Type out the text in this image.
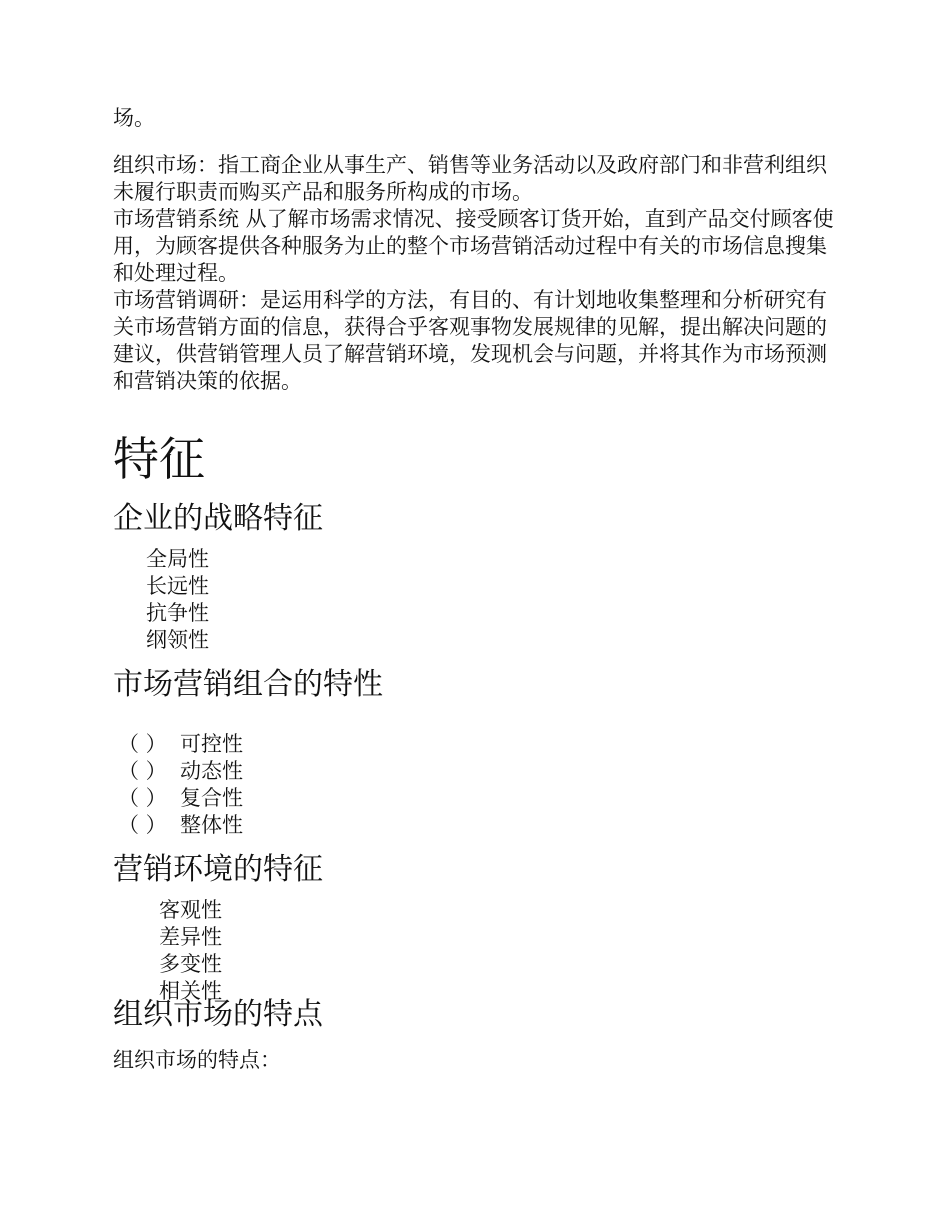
场。

组织市场：指工商企业从事生产、销售等业务活动以及政府部门和非营利组织未履行职责而购买产品和服务所构成的市场。

市场营销系统 从了解市场需求情况、接受顾客订货开始，直到产品交付顾客使用，为顾客提供各种服务为止的整个市场营销活动过程中有关的市场信息搜集和处理过程。

市场营销调研：是运用科学的方法，有目的、有计划地收集整理和分析研究有关市场营销方面的信息，获得合乎客观事物发展规律的见解，提出解决问题的建议，供营销管理人员了解营销环境，发现机会与问题，并将其作为市场预测和营销决策的依据。

特征
企业的战略特征
全局性
长远性
抗争性
纲领性
市场营销组合的特性
（ ） 可控性
（ ） 动态性
（ ） 复合性
（ ） 整体性
营销环境的特征
客观性
差异性
多变性
相关性
组织市场的特点

组织市场的特点：
